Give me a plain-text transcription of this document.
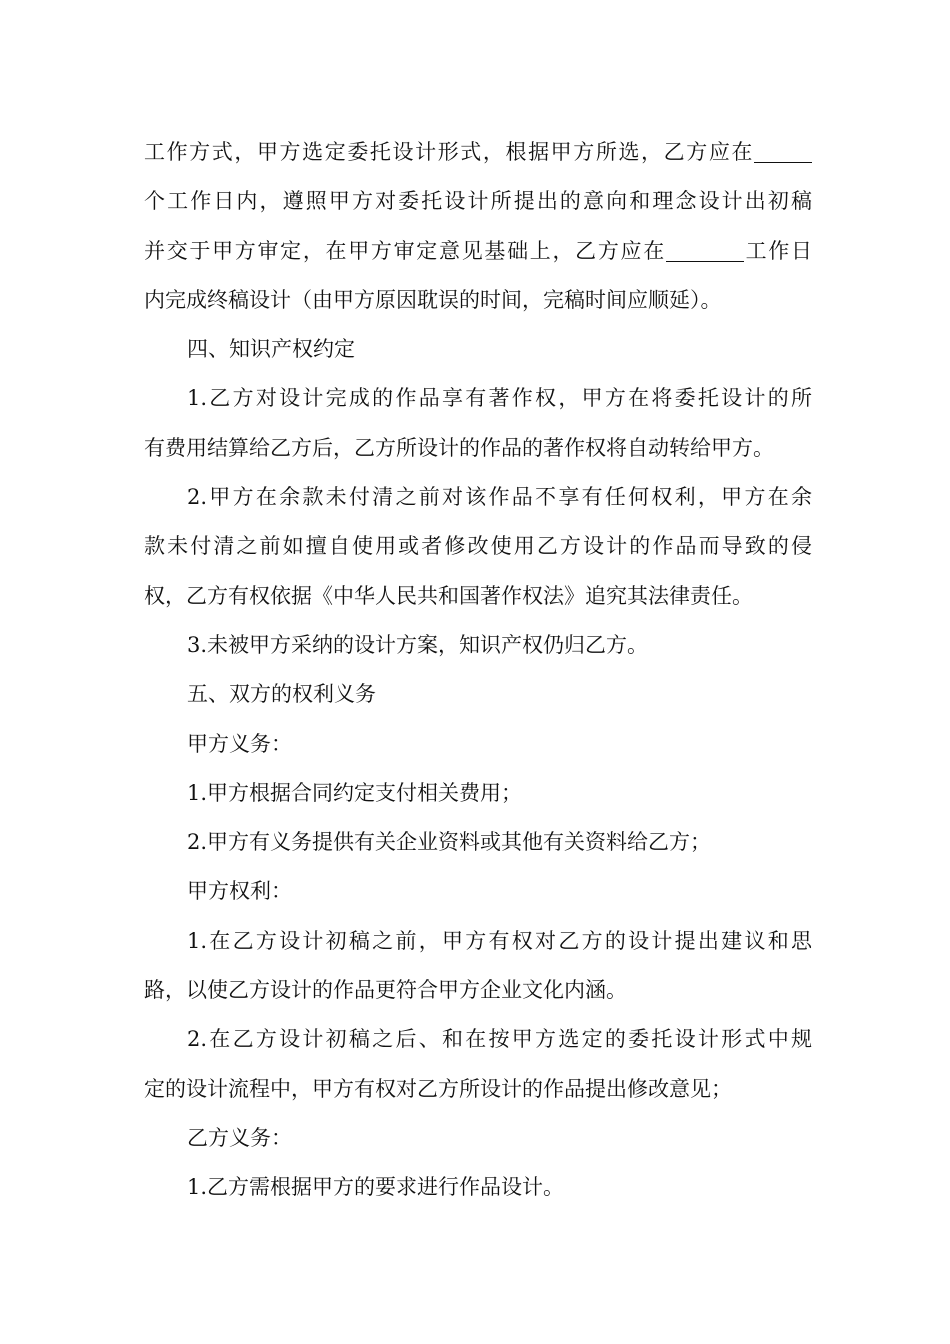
工作方式，甲方选定委托设计形式，根据甲方所选，乙方应在
个工作日内，遵照甲方对委托设计所提出的意向和理念设计出初稿
并交于甲方审定，在甲方审定意见基础上，乙方应在	工作日
内完成终稿设计（由甲方原因耽误的时间，完稿时间应顺延）。
四、知识产权约定
1.乙方对设计完成的作品享有著作权，甲方在将委托设计的所
有费用结算给乙方后，乙方所设计的作品的著作权将自动转给甲方。
2.甲方在余款未付清之前对该作品不享有任何权利，甲方在余
款未付清之前如擅自使用或者修改使用乙方设计的作品而导致的侵
权，乙方有权依据《中华人民共和国著作权法》追究其法律责任。
3.未被甲方采纳的设计方案，知识产权仍归乙方。
五、双方的权利义务
甲方义务：
1.甲方根据合同约定支付相关费用；
2.甲方有义务提供有关企业资料或其他有关资料给乙方；
甲方权利：
1.在乙方设计初稿之前，甲方有权对乙方的设计提出建议和思
路，以使乙方设计的作品更符合甲方企业文化内涵。
2.在乙方设计初稿之后、和在按甲方选定的委托设计形式中规
定的设计流程中，甲方有权对乙方所设计的作品提出修改意见；
乙方义务：
1.乙方需根据甲方的要求进行作品设计。
